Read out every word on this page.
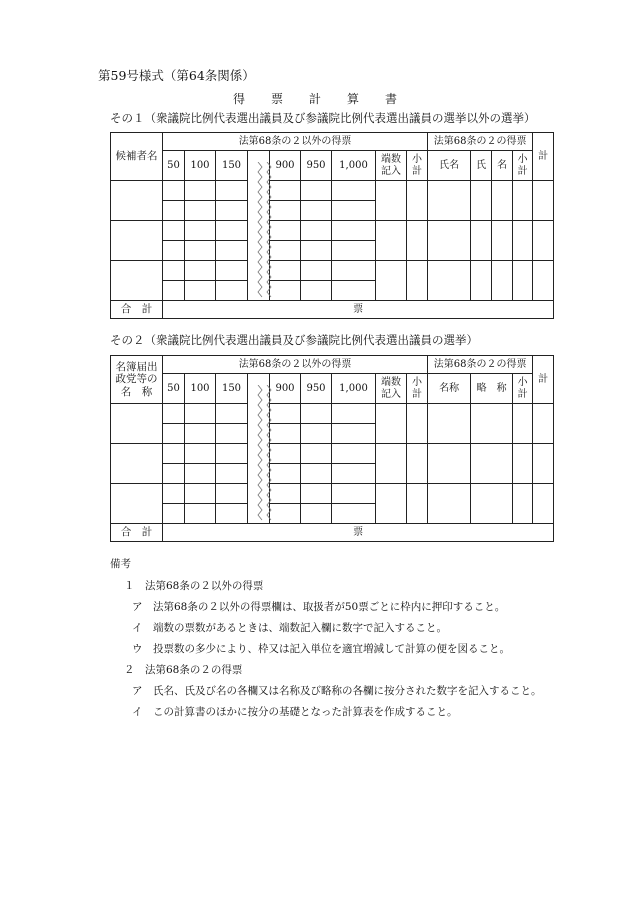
第59号様式（第64条関係）
得 票 計 算 書
その１（衆議院比例代表選出議員及び参議院比例代表選出議員の選挙以外の選挙）
候補者名	法第68条の２以外の得票									法第68条の２の得票				計
	50	100	150		900	950	1,000	端数記入	小計	氏名	氏	名	小計	

合　計	票													
その２（衆議院比例代表選出議員及び参議院比例代表選出議員の選挙）
名簿届出政党等の名　称	法第68条の２以外の得票									法第68条の２の得票			計
	50	100	150		900	950	1,000	端数記入	小計	名称	略　称	小計	

合　計	票												
備考
１　法第68条の２以外の得票
ア　法第68条の２以外の得票欄は、取扱者が50票ごとに枠内に押印すること。
イ　端数の票数があるときは、端数記入欄に数字で記入すること。
ウ　投票数の多少により、枠又は記入単位を適宜増減して計算の便を図ること。
２　法第68条の２の得票
ア　氏名、氏及び名の各欄又は名称及び略称の各欄に按分された数字を記入すること。
イ　この計算書のほかに按分の基礎となった計算表を作成すること。
